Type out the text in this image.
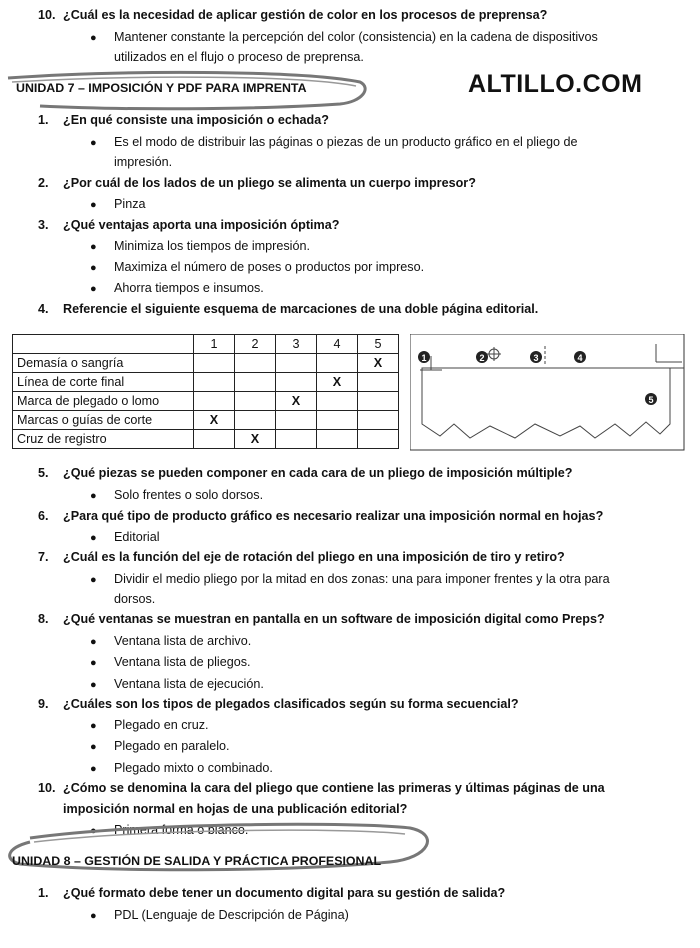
10. ¿Cuál es la necesidad de aplicar gestión de color en los procesos de preprensa?
● Mantener constante la percepción del color (consistencia) en la cadena de dispositivos
utilizados en el flujo o proceso de preprensa.
UNIDAD 7 – IMPOSICIÓN Y PDF PARA IMPRENTA	ALTILLO.COM
1. ¿En qué consiste una imposición o echada?
● Es el modo de distribuir las páginas o piezas de un producto gráfico en el pliego de
impresión.
2. ¿Por cuál de los lados de un pliego se alimenta un cuerpo impresor?
● Pinza
3. ¿Qué ventajas aporta una imposición óptima?
● Minimiza los tiempos de impresión.
● Maximiza el número de poses o productos por impreso.
● Ahorra tiempos e insumos.
4. Referencie el siguiente esquema de marcaciones de una doble página editorial.
	1	2	3	4	5
Demasía o sangría					X
Línea de corte final				X	
Marca de plegado o lomo			X		
Marcas o guías de corte	X				
Cruz de registro		X			
1	2	3	4
5
5. ¿Qué piezas se pueden componer en cada cara de un pliego de imposición múltiple?
● Solo frentes o solo dorsos.
6. ¿Para qué tipo de producto gráfico es necesario realizar una imposición normal en hojas?
● Editorial
7. ¿Cuál es la función del eje de rotación del pliego en una imposición de tiro y retiro?
● Dividir el medio pliego por la mitad en dos zonas: una para imponer frentes y la otra para
dorsos.
8. ¿Qué ventanas se muestran en pantalla en un software de imposición digital como Preps?
● Ventana lista de archivo.
● Ventana lista de pliegos.
● Ventana lista de ejecución.
9. ¿Cuáles son los tipos de plegados clasificados según su forma secuencial?
● Plegado en cruz.
● Plegado en paralelo.
● Plegado mixto o combinado.
10. ¿Cómo se denomina la cara del pliego que contiene las primeras y últimas páginas de una
imposición normal en hojas de una publicación editorial?
● Primera forma o blanco.
UNIDAD 8 – GESTIÓN DE SALIDA Y PRÁCTICA PROFESIONAL
1. ¿Qué formato debe tener un documento digital para su gestión de salida?
● PDL (Lenguaje de Descripción de Página)
